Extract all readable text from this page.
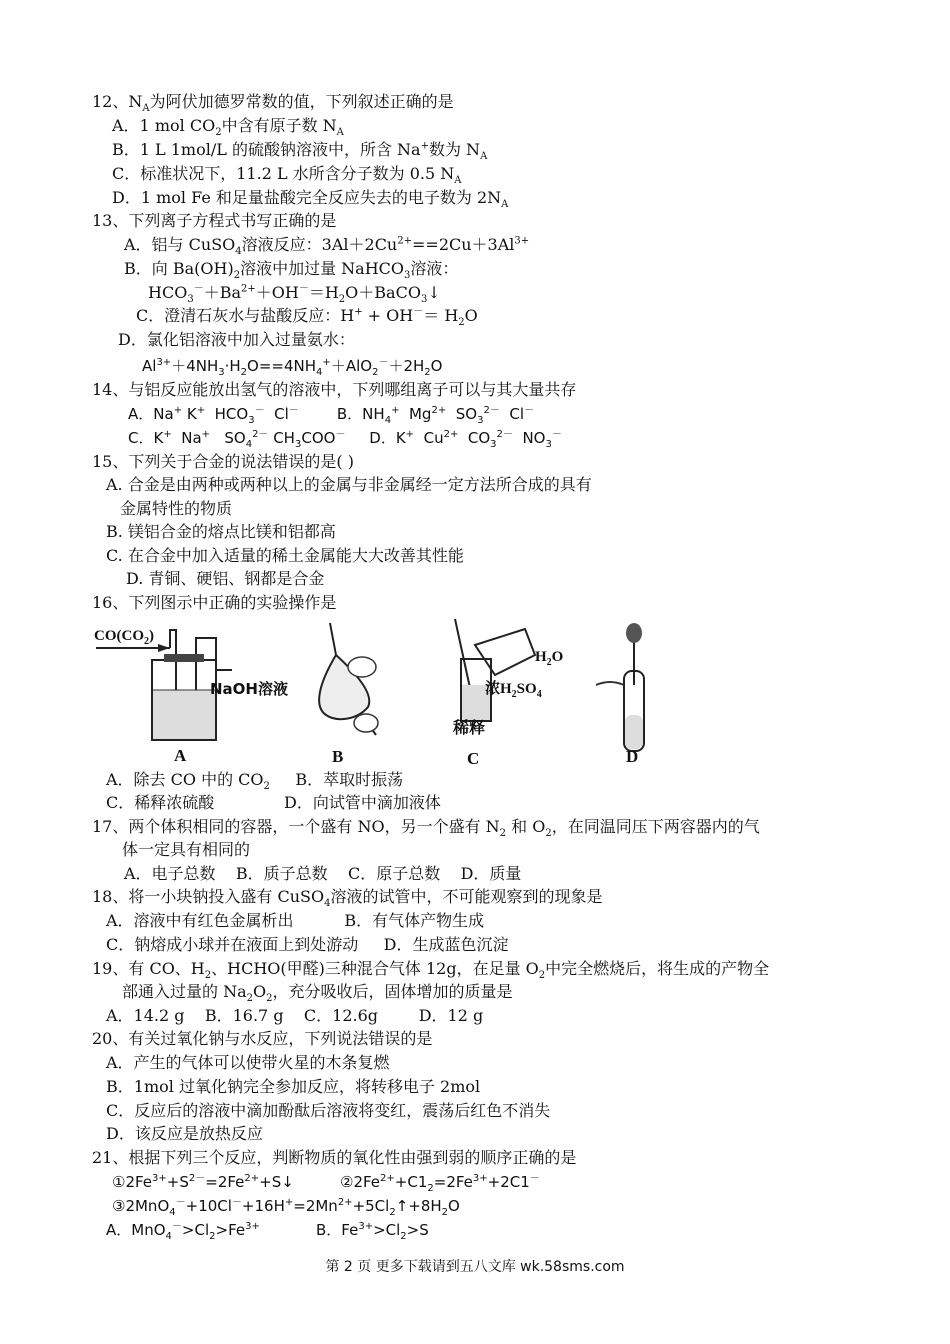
12、$N_A$为阿伏加德罗常数的值，下列叙述正确的是
A．1 mol $CO_2$中含有原子数 $N_A$
B．1 L 1mol/L 的硫酸钠溶液中，所含 Na+数为 $N_A$
C．标准状况下，11.2 L 水所含分子数为 0.5 $N_A$
D．1 mol Fe 和足量盐酸完全反应失去的电子数为 $2N_A$
13、下列离子方程式书写正确的是
A．铝与 CuSO$_4$溶液反应：$3Al+2Cu^{2+}==2Cu+3Al^{3+}$
B．向 $Ba(OH)_2$溶液中加过量 NaHCO$_3$溶液：
$HCO_3^-+Ba^{2+}+OH^-=H_2O+BaCO_3↓$
C．澄清石灰水与盐酸反应：$H^+ + OH^-= H_2O$
D．氯化铝溶液中加入过量氨水：
$Al^{3+}+4NH_3\cdot H_2O==4NH_4^++AlO_2^-+2H_2O$
14、与铝反应能放出氢气的溶液中，下列哪组离子可以与其大量共存
A．Na+ K+  $HCO_3^-$  Cl－        B．$NH_4^+$  $Mg^{2+}$  $SO_3^{2-}$  Cl－
C．K+  Na+   $SO_4^{2-}$ $CH_3COO^-$     D．K+  $Cu^{2+}$  $CO_3^{2-}$  $NO_3^-$
15、下列关于合金的说法错误的是( )
A. 合金是由两种或两种以上的金属与非金属经一定方法所合成的具有
金属特性的物质
B. 镁铝合金的熔点比镁和铝都高
C. 在合金中加入适量的稀土金属能大大改善其性能
D. 青铜、硬铝、钢都是合金
16、下列图示中正确的实验操作是
$CO(CO_2)$
NaOH溶液
A	B
$H_2O$
浓$H_2SO_4$
稀释
C	D
A．除去 CO 中的 $CO_2$     B．萃取时振荡
C．稀释浓硫酸	D．向试管中滴加液体
17、两个体积相同的容器，一个盛有 NO，另一个盛有 $N_2$ 和 $O_2$，在同温同压下两容器内的气
体一定具有相同的
A．电子总数    B．质子总数    C．原子总数    D．质量
18、将一小块钠投入盛有 CuSO$_4$溶液的试管中，不可能观察到的现象是
A．溶液中有红色金属析出          B．有气体产物生成
C．钠熔成小球并在液面上到处游动     D．生成蓝色沉淀
19、有 CO、$H_2$、HCHO(甲醛)三种混合气体 12g，在足量 $O_2$中完全燃烧后，将生成的产物全
部通入过量的 $Na_2O_2$，充分吸收后，固体增加的质量是
A．14.2 g    B．16.7 g    C．12.6g        D．12 g
20、有关过氧化钠与水反应，下列说法错误的是
A．产生的气体可以使带火星的木条复燃
B．1mol 过氧化钠完全参加反应，将转移电子 2mol
C．反应后的溶液中滴加酚酞后溶液将变红，震荡后红色不消失
D．该反应是放热反应
21、根据下列三个反应，判断物质的氧化性由强到弱的顺序正确的是
$①2Fe^{3+}+S^{2-}=2Fe^{2+}+S↓$	$②2Fe^{2+}+C1_2=2Fe^{3+}+2C1^-$
$③2MnO_4^-+10Cl^-+16H^+=2Mn^{2+}+5Cl_2↑+8H_2O$
A．$MnO_4^->Cl_2>Fe^{3+}$	B．$Fe^{3+}>Cl_2>S$
第 2 页 更多下载请到五八文库 wk.58sms.com
